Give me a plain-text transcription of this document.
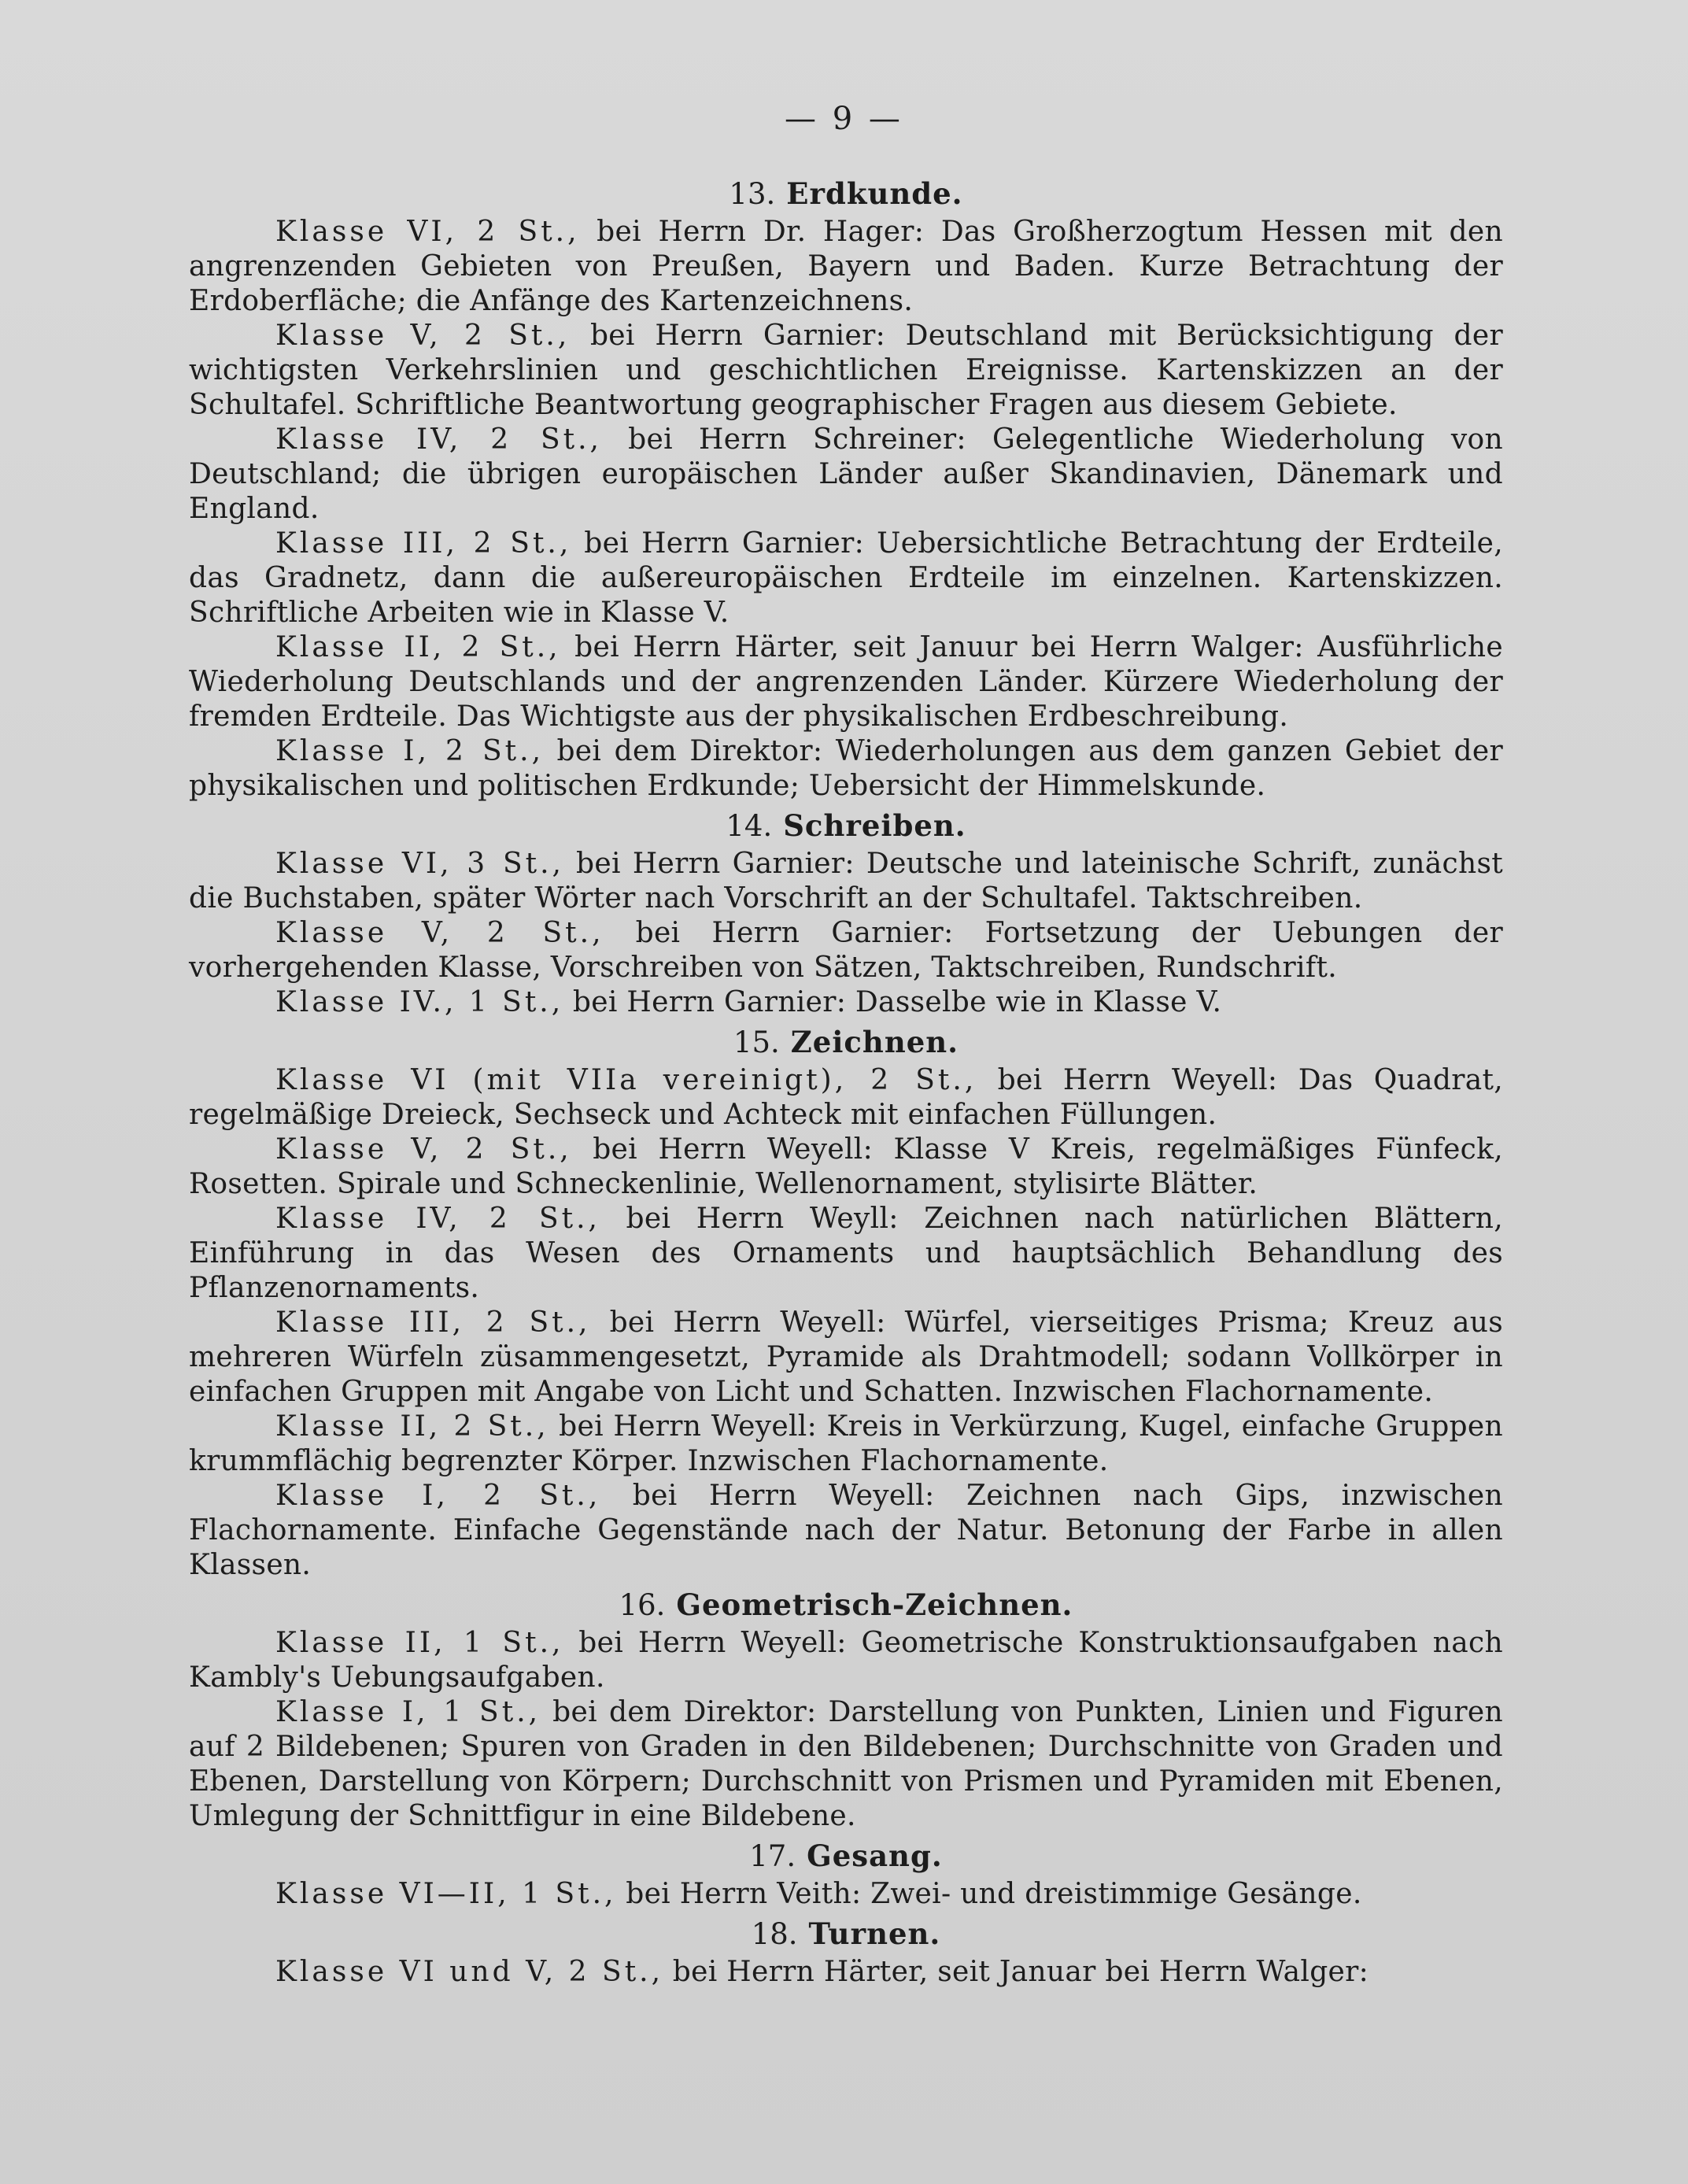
— 9 —
13. Erdkunde.

Klasse VI, 2 St., bei Herrn Dr. Hager: Das Großherzogtum Hessen mit den angrenzenden Gebieten von Preußen, Bayern und Baden. Kurze Betrachtung der Erdoberfläche; die Anfänge des Kartenzeichnens.

Klasse V, 2 St., bei Herrn Garnier: Deutschland mit Berücksichtigung der wichtigsten Verkehrslinien und geschichtlichen Ereignisse. Kartenskizzen an der Schultafel. Schriftliche Beantwortung geographischer Fragen aus diesem Gebiete.

Klasse IV, 2 St., bei Herrn Schreiner: Gelegentliche Wiederholung von Deutschland; die übrigen europäischen Länder außer Skandinavien, Dänemark und England.

Klasse III, 2 St., bei Herrn Garnier: Uebersichtliche Betrachtung der Erdteile, das Gradnetz, dann die außereuropäischen Erdteile im einzelnen. Kartenskizzen. Schriftliche Arbeiten wie in Klasse V.

Klasse II, 2 St., bei Herrn Härter, seit Januur bei Herrn Walger: Ausführliche Wiederholung Deutschlands und der angrenzenden Länder. Kürzere Wiederholung der fremden Erdteile. Das Wichtigste aus der physikalischen Erdbeschreibung.

Klasse I, 2 St., bei dem Direktor: Wiederholungen aus dem ganzen Gebiet der physikalischen und politischen Erdkunde; Uebersicht der Himmelskunde.

14. Schreiben.

Klasse VI, 3 St., bei Herrn Garnier: Deutsche und lateinische Schrift, zunächst die Buchstaben, später Wörter nach Vorschrift an der Schultafel. Taktschreiben.

Klasse V, 2 St., bei Herrn Garnier: Fortsetzung der Uebungen der vorhergehenden Klasse, Vorschreiben von Sätzen, Taktschreiben, Rundschrift.

Klasse IV., 1 St., bei Herrn Garnier: Dasselbe wie in Klasse V.

15. Zeichnen.

Klasse VI (mit VIIa vereinigt), 2 St., bei Herrn Weyell: Das Quadrat, regelmäßige Dreieck, Sechseck und Achteck mit einfachen Füllungen.

Klasse V, 2 St., bei Herrn Weyell: Klasse V Kreis, regelmäßiges Fünfeck, Rosetten. Spirale und Schneckenlinie, Wellenornament, stylisirte Blätter.

Klasse IV, 2 St., bei Herrn Weyll: Zeichnen nach natürlichen Blättern, Einführung in das Wesen des Ornaments und hauptsächlich Behandlung des Pflanzenornaments.

Klasse III, 2 St., bei Herrn Weyell: Würfel, vierseitiges Prisma; Kreuz aus mehreren Würfeln züsammengesetzt, Pyramide als Drahtmodell; sodann Vollkörper in einfachen Gruppen mit Angabe von Licht und Schatten. Inzwischen Flachornamente.

Klasse II, 2 St., bei Herrn Weyell: Kreis in Verkürzung, Kugel, einfache Gruppen krummflächig begrenzter Körper. Inzwischen Flachornamente.

Klasse I, 2 St., bei Herrn Weyell: Zeichnen nach Gips, inzwischen Flachornamente. Einfache Gegenstände nach der Natur. Betonung der Farbe in allen Klassen.

16. Geometrisch-Zeichnen.

Klasse II, 1 St., bei Herrn Weyell: Geometrische Konstruktionsaufgaben nach Kambly's Uebungsaufgaben.

Klasse I, 1 St., bei dem Direktor: Darstellung von Punkten, Linien und Figuren auf 2 Bildebenen; Spuren von Graden in den Bildebenen; Durchschnitte von Graden und Ebenen, Darstellung von Körpern; Durchschnitt von Prismen und Pyramiden mit Ebenen, Umlegung der Schnittfigur in eine Bildebene.

17. Gesang.

Klasse VI—II, 1 St., bei Herrn Veith: Zwei- und dreistimmige Gesänge.

18. Turnen.

Klasse VI und V, 2 St., bei Herrn Härter, seit Januar bei Herrn Walger:
